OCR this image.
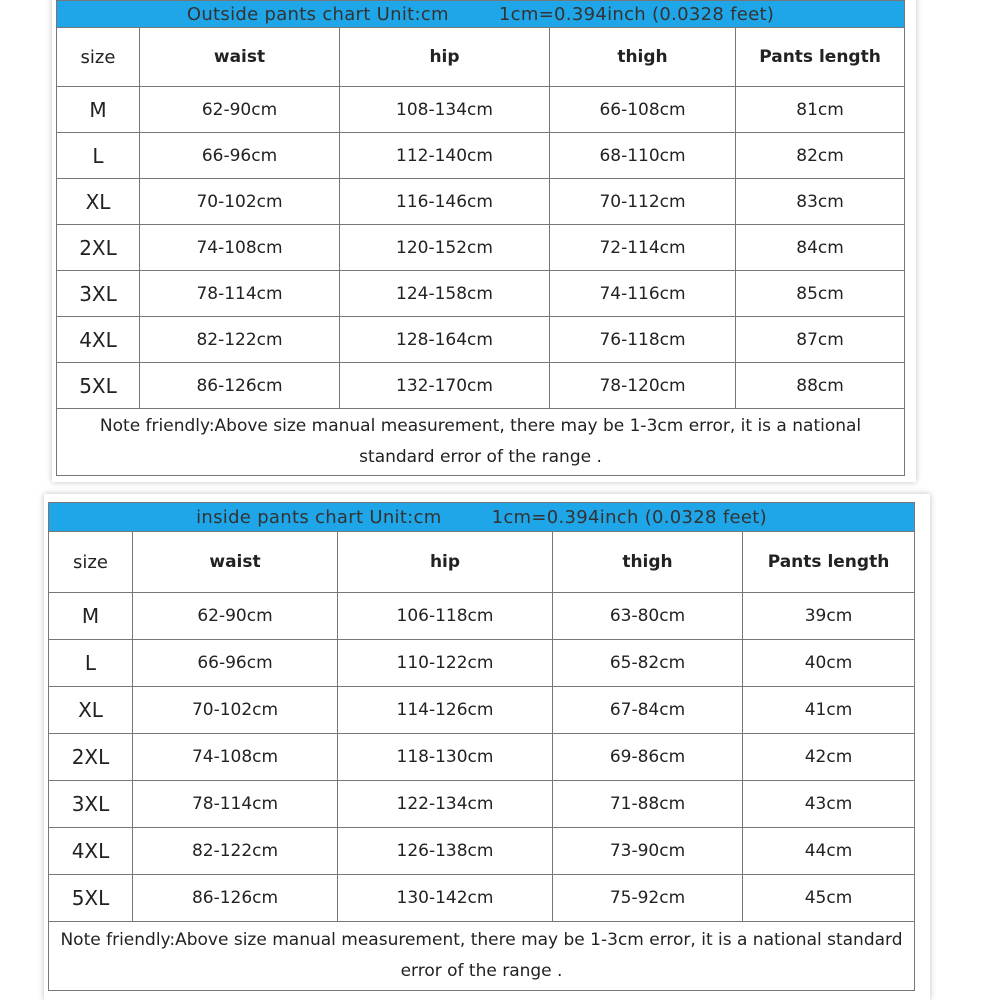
Outside pants chart Unit:cm 1cm=0.394inch (0.0328 feet)				
size	waist	hip	thigh	Pants length
M	62-90cm	108-134cm	66-108cm	81cm
L	66-96cm	112-140cm	68-110cm	82cm
XL	70-102cm	116-146cm	70-112cm	83cm
2XL	74-108cm	120-152cm	72-114cm	84cm
3XL	78-114cm	124-158cm	74-116cm	85cm
4XL	82-122cm	128-164cm	76-118cm	87cm
5XL	86-126cm	132-170cm	78-120cm	88cm
Note friendly:Above size manual measurement, there may be 1-3cm error, it is a national standard error of the range .				
inside pants chart Unit:cm 1cm=0.394inch (0.0328 feet)				
size	waist	hip	thigh	Pants length
M	62-90cm	106-118cm	63-80cm	39cm
L	66-96cm	110-122cm	65-82cm	40cm
XL	70-102cm	114-126cm	67-84cm	41cm
2XL	74-108cm	118-130cm	69-86cm	42cm
3XL	78-114cm	122-134cm	71-88cm	43cm
4XL	82-122cm	126-138cm	73-90cm	44cm
5XL	86-126cm	130-142cm	75-92cm	45cm
Note friendly:Above size manual measurement, there may be 1-3cm error, it is a national standard error of the range .				
